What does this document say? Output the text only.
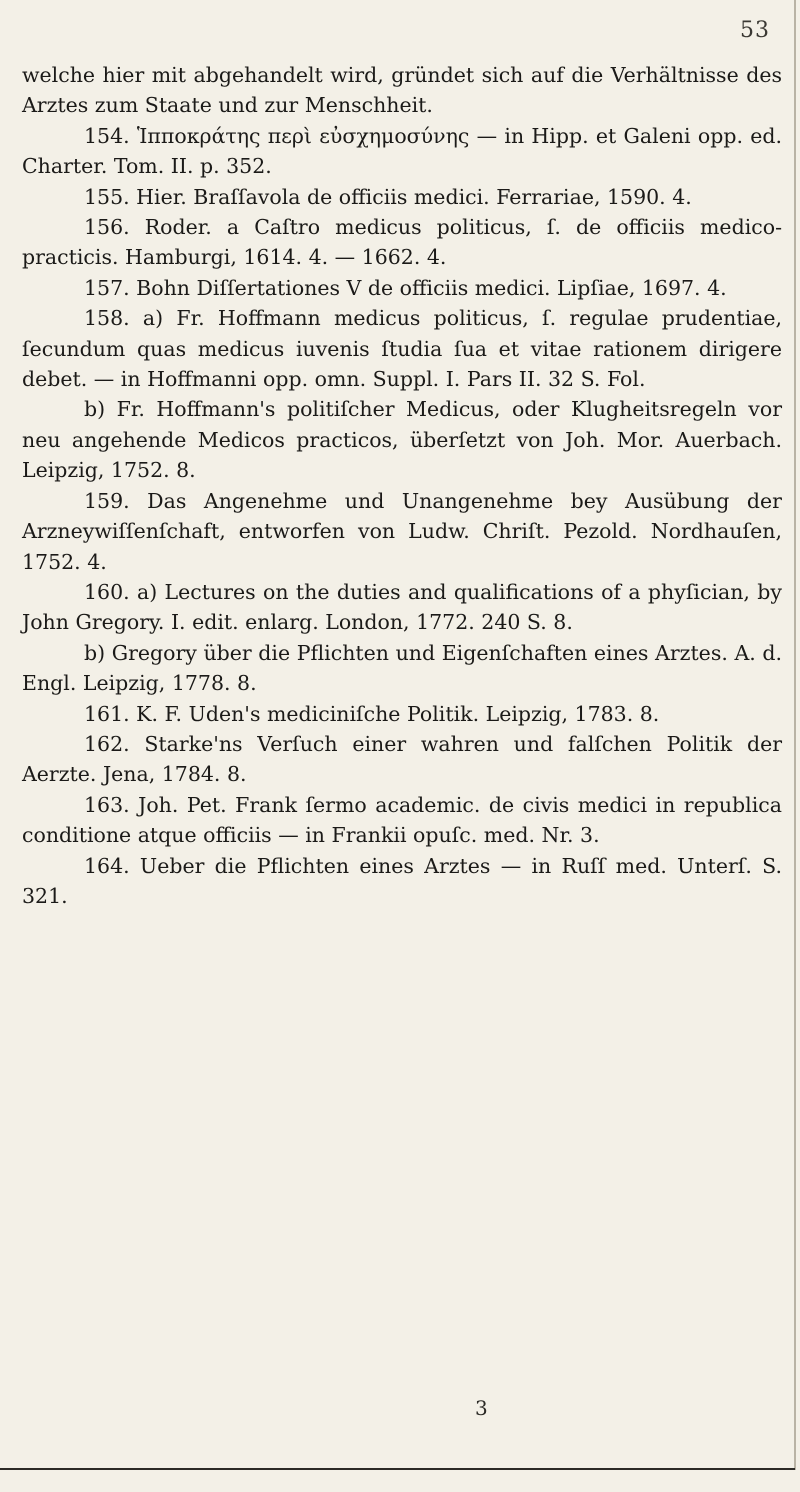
53

welche hier mit abgehandelt wird, gründet sich auf die Verhältnisse des Arztes zum Staate und zur Menschheit.

154. Ἱπποκράτης περὶ εὐσχημοσύνης — in Hipp. et Galeni opp. ed. Charter. Tom. II. p. 352.

155. Hier. Braſſavola de officiis medici. Ferrariae, 1590. 4.

156. Roder. a Caſtro medicus politicus, ſ. de officiis medico-practicis. Hamburgi, 1614. 4. — 1662. 4.

157. Bohn Diſſertationes V de officiis medici. Lipſiae, 1697. 4.

158. a) Fr. Hoffmann medicus politicus, ſ. regulae prudentiae, ſecundum quas medicus iuvenis ſtudia ſua et vitae rationem dirigere debet. — in Hoffmanni opp. omn. Suppl. I. Pars II. 32 S. Fol.

b) Fr. Hoffmann's politiſcher Medicus, oder Klugheitsregeln vor neu angehende Medicos practicos, überſetzt von Joh. Mor. Auerbach. Leipzig, 1752. 8.

159. Das Angenehme und Unangenehme bey Ausübung der Arzneywiſſenſchaft, entworfen von Ludw. Chriſt. Pezold. Nordhauſen, 1752. 4.

160. a) Lectures on the duties and qualifications of a phyſician, by John Gregory. I. edit. enlarg. London, 1772. 240 S. 8.

b) Gregory über die Pflichten und Eigenſchaften eines Arztes. A. d. Engl. Leipzig, 1778. 8.

161. K. F. Uden's mediciniſche Politik. Leipzig, 1783. 8.

162. Starke'ns Verſuch einer wahren und falſchen Politik der Aerzte. Jena, 1784. 8.

163. Joh. Pet. Frank ſermo academic. de civis medici in republica conditione atque officiis — in Frankii opuſc. med. Nr. 3.

164. Ueber die Pflichten eines Arztes — in Ruſſ med. Unterſ. S. 321.

3
